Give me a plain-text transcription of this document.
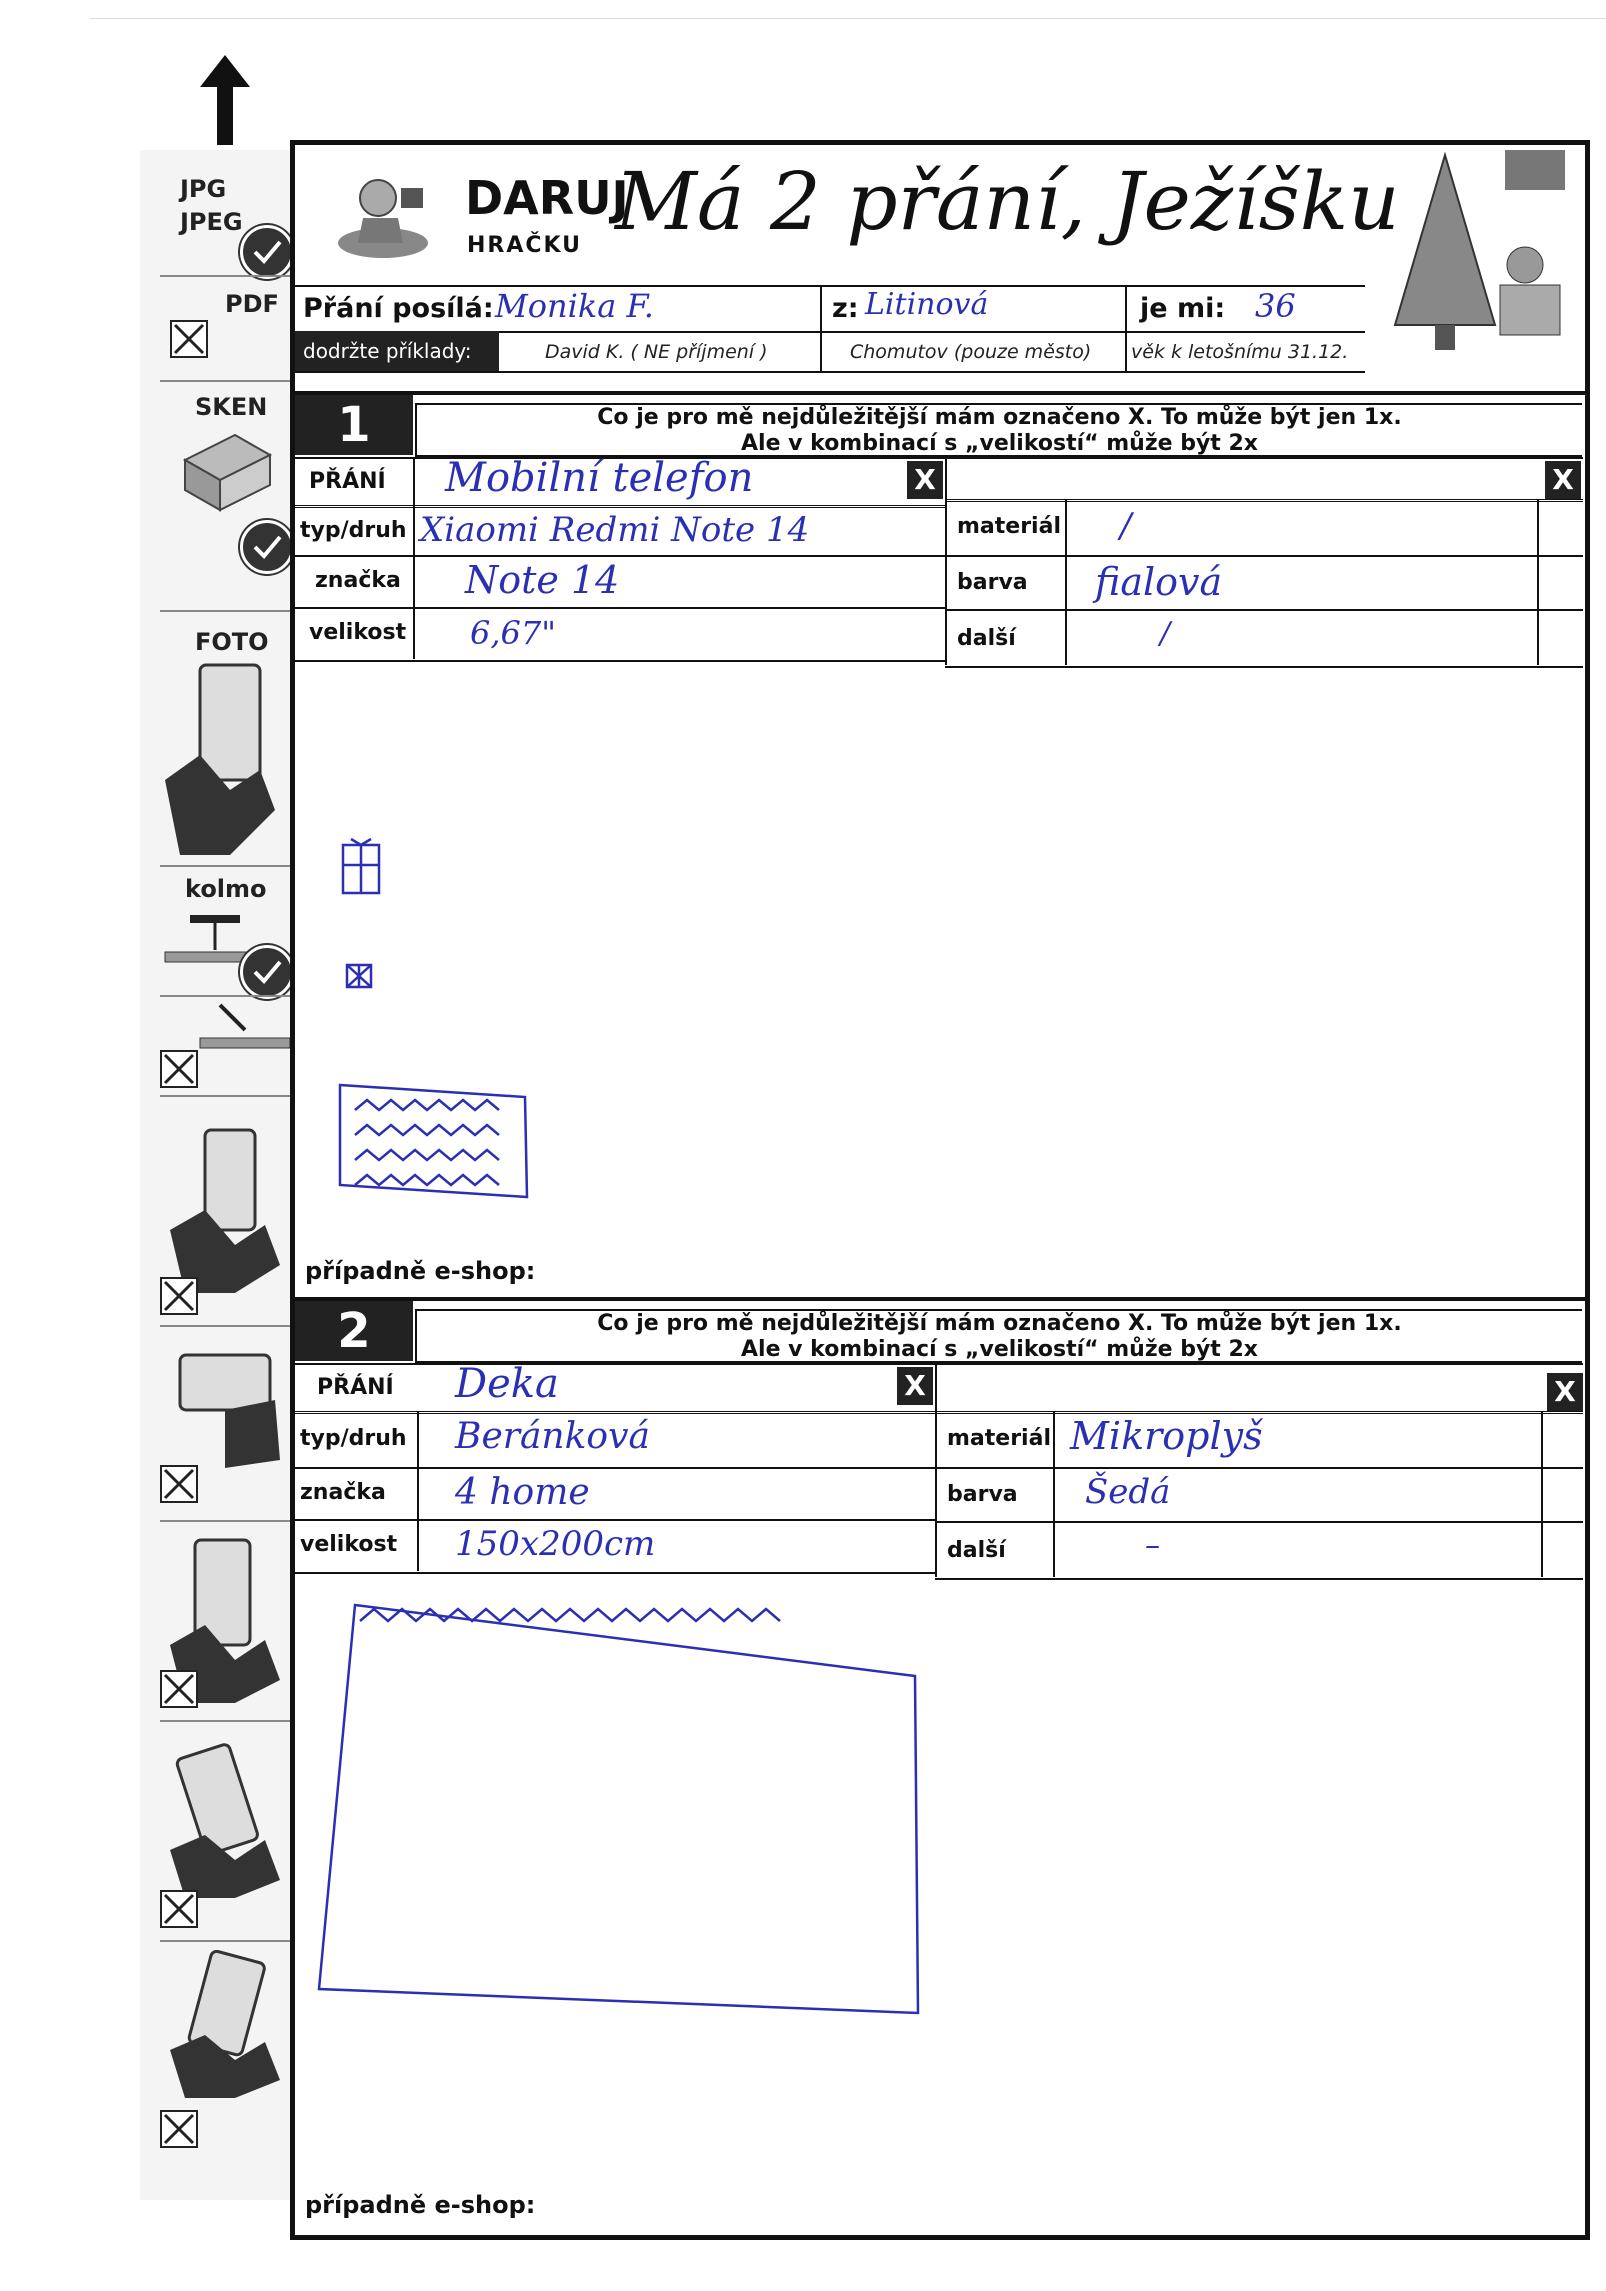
JPG
JPEG
PDF
SKEN
FOTO
kolmo
DARUJ
HRAČKU Má 2 přání, Ježíšku
Přání posílá: Monika F.	z: Litinová	je mi: 36
dodržte příklady:	David K. ( NE příjmení )	Chomutov (pouze město) věk k letošnímu 31.12.
1	Co je pro mě nejdůležitější mám označeno X. To může být jen 1x.
Ale v kombinací s „velikostí“ může být 2x
PŘÁNÍ Mobilní telefon	X
typ/druh Xiaomi Redmi Note 14
značka Note 14
velikost 6,67"
X
materiál /
barva fialová
další	/
případně e-shop:
2	Co je pro mě nejdůležitější mám označeno X. To může být jen 1x.
Ale v kombinací s „velikostí“ může být 2x
PŘÁNÍ Deka	X
typ/druh Beránková
značka 4 home
velikost 150x200cm
X
materiál Mikroplyš
barva Šedá
další	–
případně e-shop:
